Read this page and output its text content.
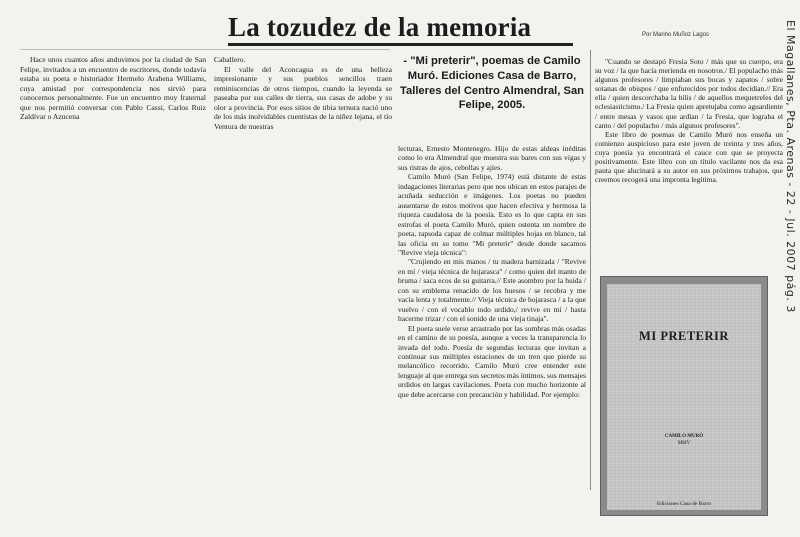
La tozudez de la memoria	Por Marino Muñoz Lagos

Hace unos cuantos años anduvimos por la ciudad de San Felipe, invitados a un encuentro de escritores, donde todavía estaba su poeta e historiador Hermelo Arabena Williams, cuya amistad por correspondencia nos sirvió para conocernos personalmente. Fue un encuentro muy fraternal que nos permitió conversar con Pablo Cassi, Carlos Ruiz Zaldívar o Azucena

Caballero.

El valle del Aconcagua es de una belleza impresionante y sus pueblos sencillos traen reminiscencias de otros tiempos, cuando la leyenda se paseaba por sus calles de tierra, sus casas de adobe y su olor a provincia. Por esos sitios de tibia ternura nació uno de los más inolvidables cuentistas de la niñez lejana, el tío Ventura de nuestras

- "Mi preterir", poemas de Camilo Muró. Ediciones Casa de Barro, Talleres del Centro Almendral, San Felipe, 2005.

lecturas, Ernesto Montenegro. Hijo de estas aldeas inéditas como lo era Almendral que muestra sus bares con sus vigas y sus ristras de ajos, cebollas y ajíes.

Camilo Muró (San Felipe, 1974) está distante de estas indagaciones literarias pero que nos ubican en estos parajes de acuñada seducción e imágenes. Los poetas no pueden ausentarse de estos motivos que hacen efectiva y hermosa la riqueza caudalosa de la poesía. Esto es lo que capta en sus estrofas el poeta Camilo Muró, quien ostenta un nombre de poeta, rapsoda capaz de colmar múltiples hojas en blanco, tal las oficia en su tomo "Mi preterir" desde donde sacamos "Revive vieja técnica":

"Crujiendo en mis manos / tu madera barnizada / "Revive en mí / vieja técnica de hojarasca" / como quien del manto de bruma / saca ecos de su guitarra.// Este asombro por la huida / con su emblema renacido de los huesos / se recobra y me vacía lenta y totalmente.// Vieja técnica de hojarasca / a la que vuelvo / con el vocablo todo urdido,/ revive en mí / hasta hacerme trizar / con el sonido de una vieja tinaja".

El poeta suele verse arrastrado por las sombras más osadas en el camino de su poesía, aunque a veces la transparencia lo invada del todo. Poesía de segundas lecturas que invitan a continuar sus múltiples estaciones de un tren que pierde su melancólico recorrido. Camilo Muró cree entender este lenguaje al que entrega sus secretos más íntimos, sus mensajes urdidos en largas cavilaciones. Poeta con mucho horizonte al que debe acercarse con precaución y habilidad. Por ejemplo:

"Cuando se destapó Fresia Soto / más que su cuerpo, era su voz / la que hacía merienda en nosotros./ El populacho más algunos profesores / limpiaban sus bocas y zapatos / sobre sotanas de obispos / que enfurecidos por todos decidían.// Era ella / quien descorchaba la bilis / de aquellos mequetrefes del eclesiasticismo./ La Fresia quien apretujaba como aguardiente / entre mesas y vasos que ardían / la Fresia, que lograba el canto / del populacho / más algunos profesores".

Este libro de poemas de Camilo Muró nos enseña un comienzo auspicioso para este joven de treinta y tres años, cuya poesía ya encontrará el cauce con que se proyecta positivamente. Este libro con un título vacilante nos da esa pauta que alucinará a su autor en sus próximos trabajos, que creemos recogerá una impronta legítima.

MI PRETERIR
CAMILO MURÓ
MMV
Ediciones Casa de Barro
El Magallanes, Pta. Arenas - 22 - Jul. 2007 pág. 3
